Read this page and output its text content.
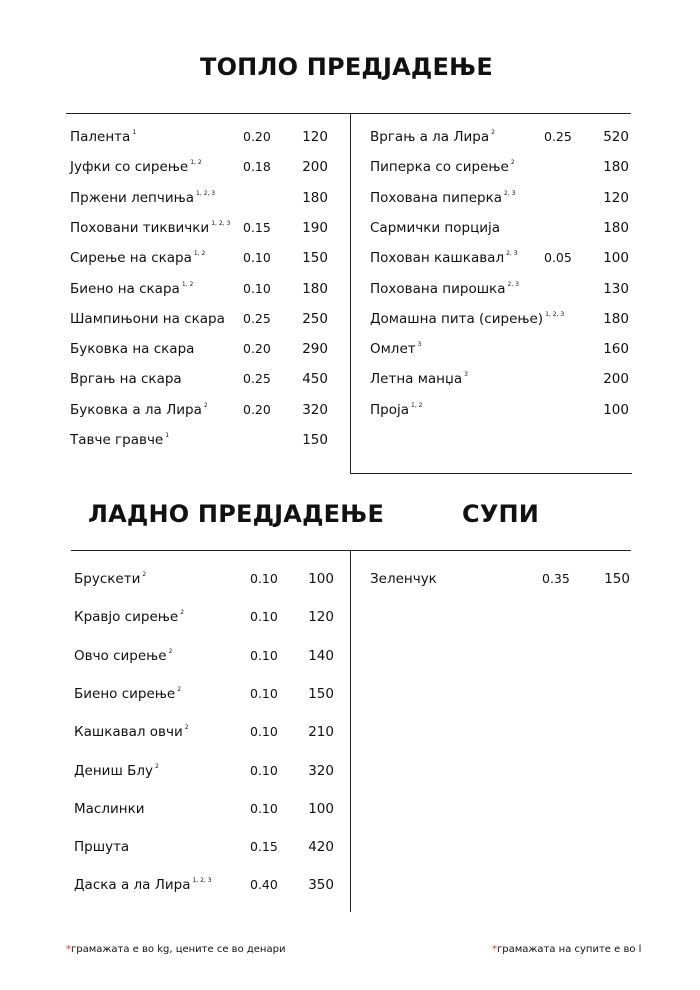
ТОПЛО ПРЕДЈАДЕЊЕ
ЛАДНО ПРЕДЈАДЕЊЕ	СУПИ
Палента $^1$	0.20	120
Јуфки со сирење $^{1, 2}$	0.18	200
Пржени лепчиња $^{1, 2, 3}$	180
Поховани тиквички $^{1, 2, 3}$ 0.15	190
Сирење на скара $^{1, 2}$	0.10	150
Биено на скара $^{1, 2}$	0.10	180
Шампињони на скара 0.25	250
Буковка на скара	0.20	290
Вргањ на скара	0.25	450
Буковка а ла Лира $^2$	0.20	320
Тавче гравче $^1$	150
Вргањ а ла Лира $^2$	0.25	520
Пиперка со сирење $^2$	180
Похована пиперка $^{2, 3}$	120
Сармички порција	180
Похован кашкавал $^{2, 3}$ 0.05	100
Похована пирошка $^{2, 3}$	130
Домашна пита (сирење) $^{1, 2, 3}$	180
Омлет $^3$	160
Летна манџа $^3$	200
Проја $^{1, 2}$	100
Брускети $^2$	0.10	100
Кравјо сирење $^2$	0.10	120
Овчо сирење $^2$	0.10	140
Биено сирење $^2$	0.10	150
Кашкавал овчи $^2$	0.10	210
Дениш Блу $^2$	0.10	320
Маслинки	0.10	100
Пршута	0.15	420
Даска а ла Лира $^{1, 2, 3}$	0.40	350
Зеленчук	0.35	150
*грамажата е во kg, цените се во денари	*грамажата на супите е во l
